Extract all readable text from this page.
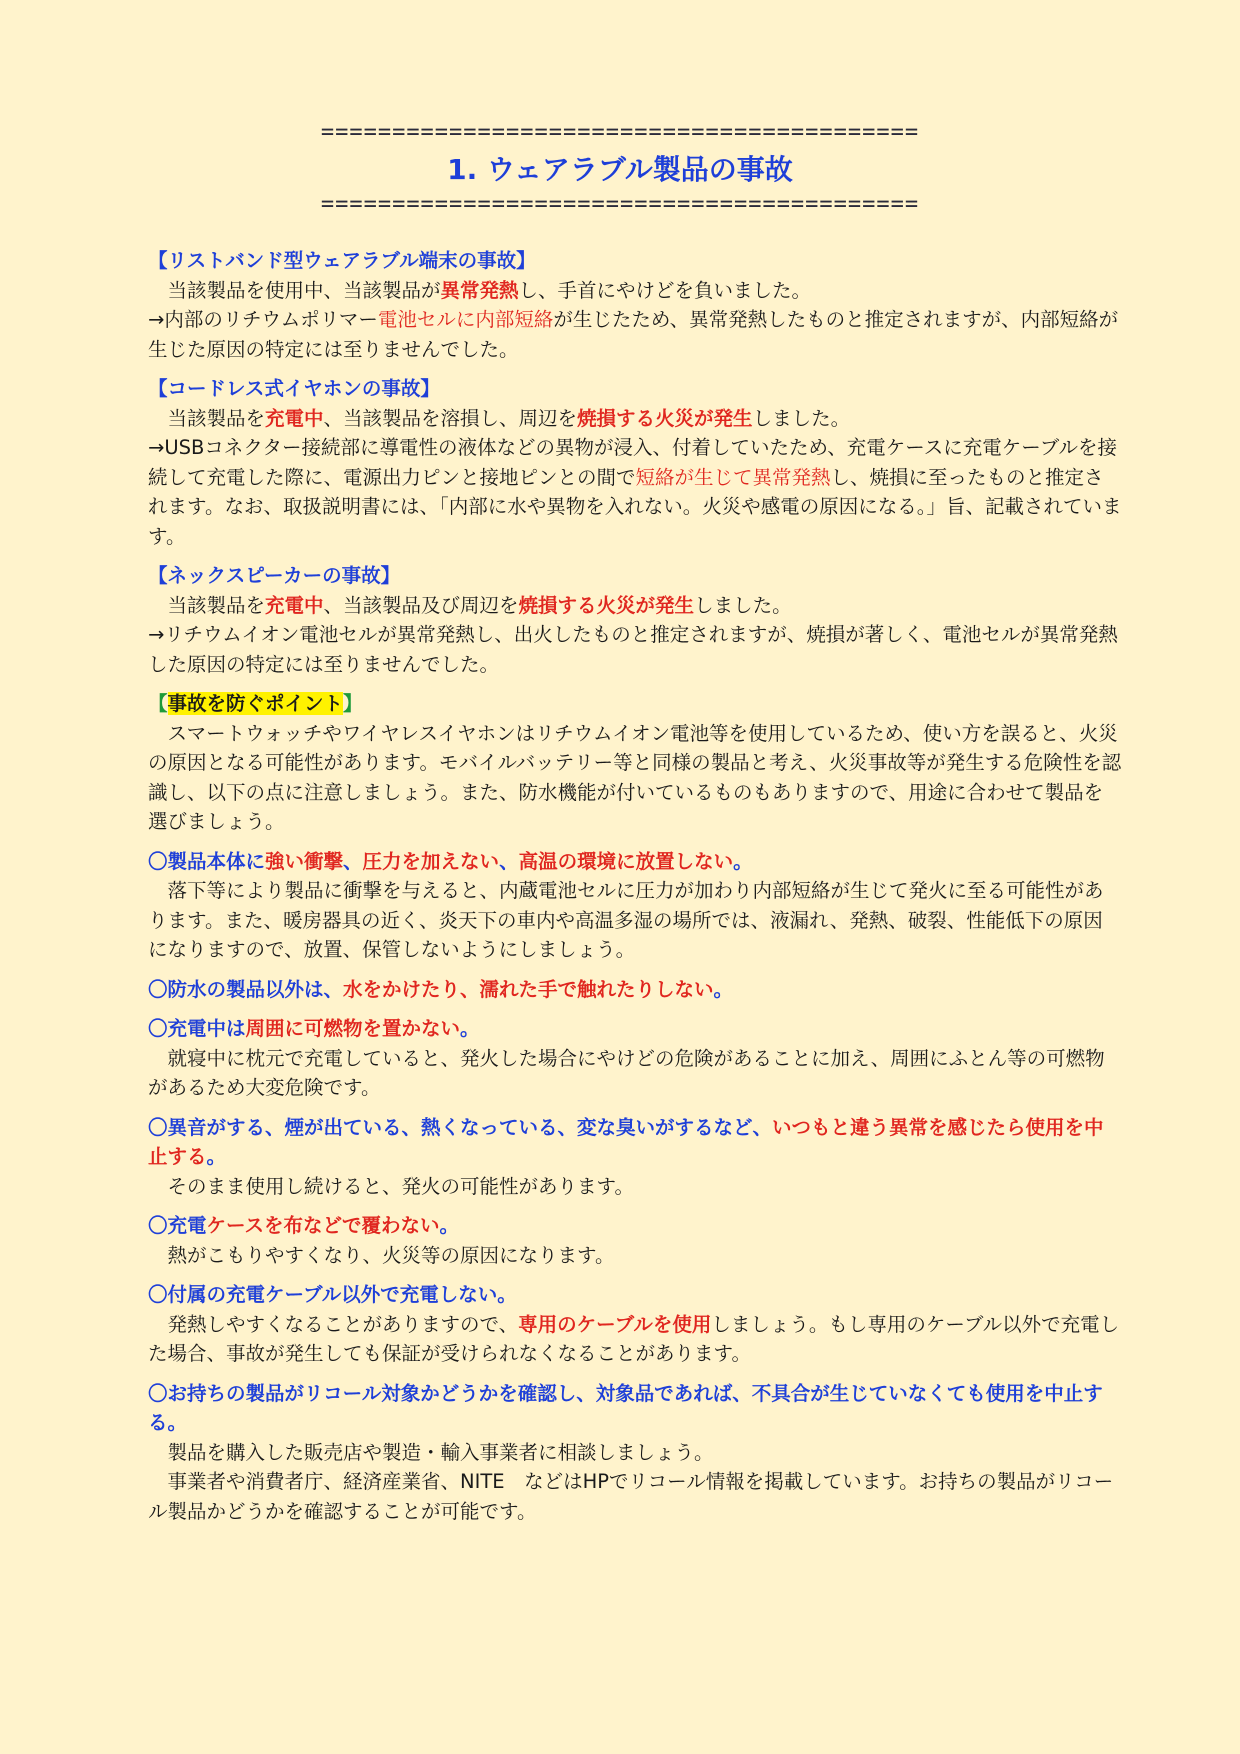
==========================================
1. ウェアラブル製品の事故
==========================================

【リストバンド型ウェアラブル端末の事故】

当該製品を使用中、当該製品が異常発熱し、手首にやけどを負いました。

→内部のリチウムポリマー電池セルに内部短絡が生じたため、異常発熱したものと推定されますが、内部短絡が生じた原因の特定には至りませんでした。

【コードレス式イヤホンの事故】

当該製品を充電中、当該製品を溶損し、周辺を焼損する火災が発生しました。

→USBコネクター接続部に導電性の液体などの異物が浸入、付着していたため、充電ケースに充電ケーブルを接続して充電した際に、電源出力ピンと接地ピンとの間で短絡が生じて異常発熱し、焼損に至ったものと推定されます。なお、取扱説明書には、「内部に水や異物を入れない。火災や感電の原因になる。」旨、記載されています。

【ネックスピーカーの事故】

当該製品を充電中、当該製品及び周辺を焼損する火災が発生しました。

→リチウムイオン電池セルが異常発熱し、出火したものと推定されますが、焼損が著しく、電池セルが異常発熱した原因の特定には至りませんでした。

【事故を防ぐポイント】

スマートウォッチやワイヤレスイヤホンはリチウムイオン電池等を使用しているため、使い方を誤ると、火災の原因となる可能性があります。モバイルバッテリー等と同様の製品と考え、火災事故等が発生する危険性を認識し、以下の点に注意しましょう。また、防水機能が付いているものもありますので、用途に合わせて製品を選びましょう。

〇製品本体に強い衝撃、圧力を加えない、高温の環境に放置しない。

落下等により製品に衝撃を与えると、内蔵電池セルに圧力が加わり内部短絡が生じて発火に至る可能性があります。また、暖房器具の近く、炎天下の車内や高温多湿の場所では、液漏れ、発熱、破裂、性能低下の原因になりますので、放置、保管しないようにしましょう。

〇防水の製品以外は、水をかけたり、濡れた手で触れたりしない。

〇充電中は周囲に可燃物を置かない。

就寝中に枕元で充電していると、発火した場合にやけどの危険があることに加え、周囲にふとん等の可燃物があるため大変危険です。

〇異音がする、煙が出ている、熱くなっている、変な臭いがするなど、いつもと違う異常を感じたら使用を中止する。

そのまま使用し続けると、発火の可能性があります。

〇充電ケースを布などで覆わない。

熱がこもりやすくなり、火災等の原因になります。

〇付属の充電ケーブル以外で充電しない。

発熱しやすくなることがありますので、専用のケーブルを使用しましょう。もし専用のケーブル以外で充電した場合、事故が発生しても保証が受けられなくなることがあります。

〇お持ちの製品がリコール対象かどうかを確認し、対象品であれば、不具合が生じていなくても使用を中止する。

製品を購入した販売店や製造・輸入事業者に相談しましょう。

事業者や消費者庁、経済産業省、NITE　などはHPでリコール情報を掲載しています。お持ちの製品がリコール製品かどうかを確認することが可能です。
